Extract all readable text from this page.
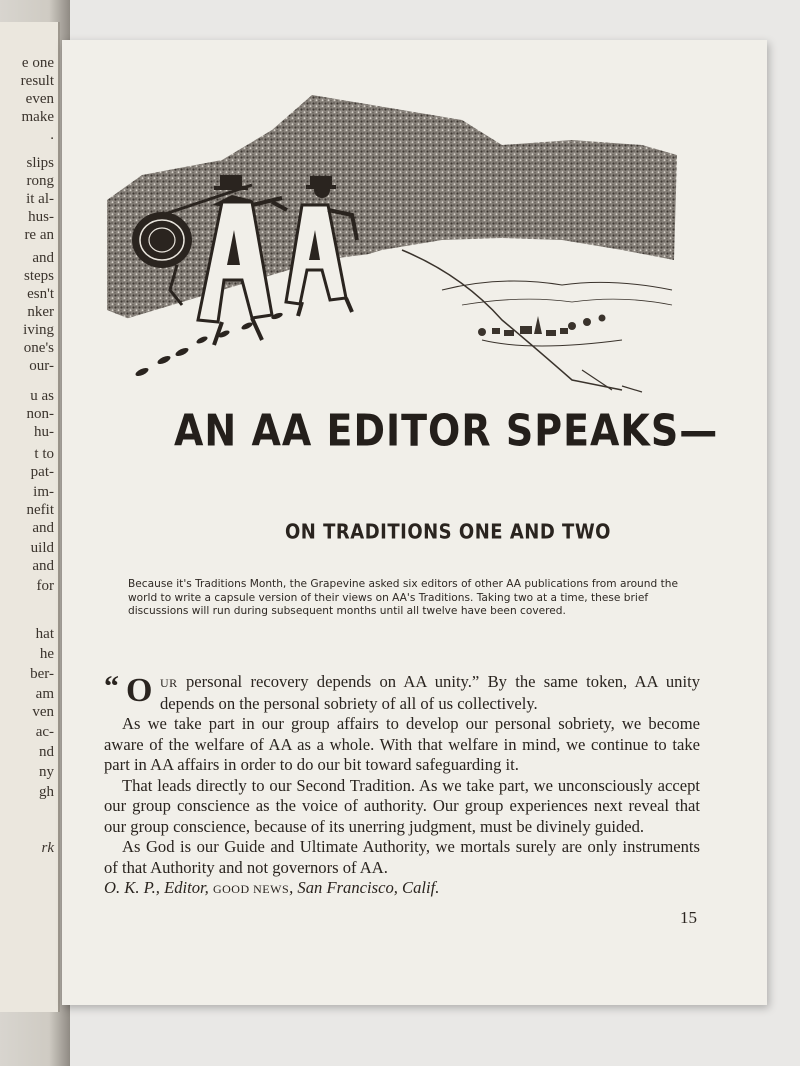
e one
result
even
make
.
slips
rong
it al-
hus-
re an
and
steps
esn't
nker
iving
one's
our-
u as
non-
hu-
t to
pat-
im-
nefit
and
uild
and
for
hat
he
ber-
am
ven
ac-
nd
ny
gh
rk
AN AA EDITOR SPEAKS—
ON TRADITIONS ONE AND TWO
Because it's Traditions Month, the Grapevine asked six editors of other AA publications from around the world to write a capsule version of their views on AA's Traditions. Taking two at a time, these brief discussions will run during subsequent months until all twelve have been covered.

“ O UR personal recovery depends on AA unity.” By the same token, AA unity depends on the personal sobriety of all of us collectively.

As we take part in our group affairs to develop our personal sobriety, we become aware of the welfare of AA as a whole. With that welfare in mind, we continue to take part in AA affairs in order to do our bit toward safeguarding it.

That leads directly to our Second Tradition. As we take part, we unconsciously accept our group conscience as the voice of authority. Our group experiences next reveal that our group conscience, because of its unerring judgment, must be divinely guided.

As God is our Guide and Ultimate Authority, we mortals surely are only instruments of that Authority and not governors of AA.

O. K. P., Editor, GOOD NEWS, San Francisco, Calif.

15
